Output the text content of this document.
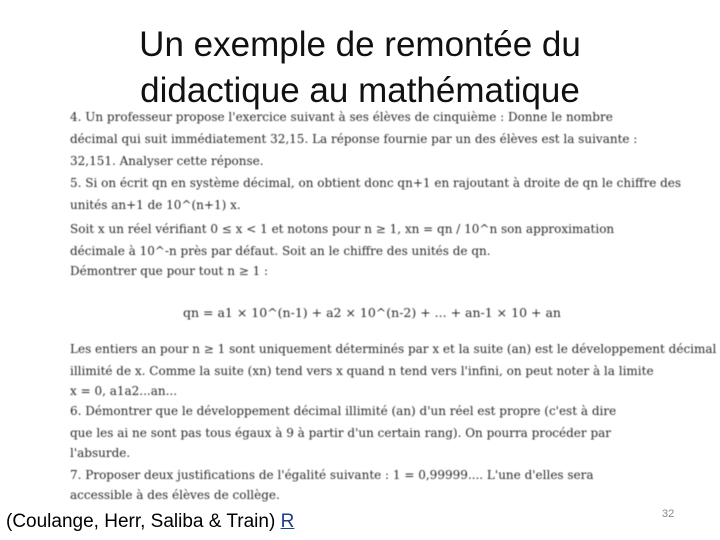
Un exemple de remontée du
didactique au mathématique
4. Un professeur propose l'exercice suivant à ses élèves de cinquième : Donne le nombre
décimal qui suit immédiatement 32,15. La réponse fournie par un des élèves est la suivante :
32,151. Analyser cette réponse.
5. Si on écrit qn en système décimal, on obtient donc qn+1 en rajoutant à droite de qn le chiffre des
unités an+1 de 10^(n+1) x.
Soit x un réel vérifiant 0 ≤ x < 1 et notons pour n ≥ 1, xn = qn / 10^n son approximation
décimale à 10^-n près par défaut. Soit an le chiffre des unités de qn.
Démontrer que pour tout n ≥ 1 :
qn = a1 × 10^(n-1) + a2 × 10^(n-2) + ... + an-1 × 10 + an
Les entiers an pour n ≥ 1 sont uniquement déterminés par x et la suite (an) est le développement décimal
illimité de x. Comme la suite (xn) tend vers x quand n tend vers l'infini, on peut noter à la limite
x = 0, a1a2...an...
6. Démontrer que le développement décimal illimité (an) d'un réel est propre (c'est à dire
que les ai ne sont pas tous égaux à 9 à partir d'un certain rang). On pourra procéder par
l'absurde.
7. Proposer deux justifications de l'égalité suivante : 1 = 0,99999.... L'une d'elles sera
accessible à des élèves de collège.
(Coulange, Herr, Saliba & Train) R	32
